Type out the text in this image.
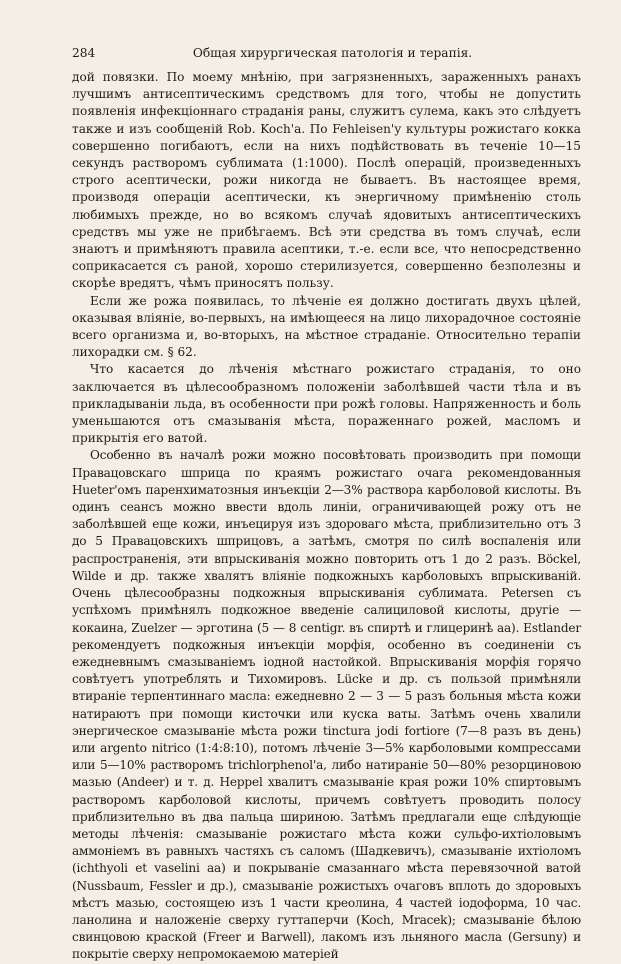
284	Общая хирургическая патологія и терапія.

дой повязки. По моему мнѣнію, при загрязненныхъ, зараженныхъ ранахъ лучшимъ антисептическимъ средствомъ для того, чтобы не допустить появленія инфекціоннаго страданія раны, служитъ сулема, какъ это слѣдуетъ также и изъ сообщеній Rob. Koch'а. По Fehleisen'у культуры рожистаго кокка совершенно погибаютъ, если на нихъ подѣйствовать въ теченіе 10—15 секундъ растворомъ сублимата (1:1000). Послѣ операцій, произведенныхъ строго асептически, рожи никогда не бываетъ. Въ настоящее время, производя операціи асептически, къ энергичному примѣненію столь любимыхъ прежде, но во всякомъ случаѣ ядовитыхъ антисептическихъ средствъ мы уже не прибѣгаемъ. Всѣ эти средства въ томъ случаѣ, если знаютъ и примѣняютъ правила асептики, т.-е. если все, что непосредственно соприкасается съ раной, хорошо стерилизуется, совершенно безполезны и скорѣе вредятъ, чѣмъ приносятъ пользу.

Если же рожа появилась, то лѣченіе ея должно достигать двухъ цѣлей, оказывая вліяніе, во-первыхъ, на имѣющееся на лицо лихорадочное состояніе всего организма и, во-вторыхъ, на мѣстное страданіе. Относительно терапіи лихорадки см. § 62.

Что касается до лѣченія мѣстнаго рожистаго страданія, то оно заключается въ цѣлесообразномъ положеніи заболѣвшей части тѣла и въ прикладываніи льда, въ особенности при рожѣ головы. Напряженность и боль уменьшаются отъ смазыванія мѣста, пораженнаго рожей, масломъ и прикрытія его ватой.

Особенно въ началѣ рожи можно посовѣтовать производить при помощи Правацовскаго шприца по краямъ рожистаго очага рекомендованныя Hueter'омъ паренхиматозныя инъекціи 2—3% раствора карболовой кислоты. Въ одинъ сеансъ можно ввести вдоль линіи, ограничивающей рожу отъ не заболѣвшей еще кожи, инъецируя изъ здороваго мѣста, приблизительно отъ 3 до 5 Правацовскихъ шприцовъ, а затѣмъ, смотря по силѣ воспаленія или распространенія, эти впрыскиванія можно повторить отъ 1 до 2 разъ. Böckel, Wilde и др. также хвалятъ вліяніе подкожныхъ карболовыхъ впрыскиваній. Очень цѣлесообразны подкожныя впрыскиванія сублимата. Petersen съ успѣхомъ примѣнялъ подкожное введеніе салициловой кислоты, другіе — кокаина, Zuelzer — эрготина (5 — 8 centigr. въ спиртѣ и глицеринѣ аа). Estlander рекомендуетъ подкожныя инъекціи морфія, особенно въ соединеніи съ ежедневнымъ смазываніемъ іодной настойкой. Впрыскиванія морфія горячо совѣтуетъ употреблять и Тихомировъ. Lücke и др. съ пользой примѣняли втираніе терпентиннаго масла: ежедневно 2 — 3 — 5 разъ больныя мѣста кожи натираютъ при помощи кисточки или куска ваты. Затѣмъ очень хвалили энергическое смазываніе мѣста рожи tinctura jodi fortiore (7—8 разъ въ день) или argento nitrico (1:4:8:10), потомъ лѣченіе 3—5% карболовыми компрессами или 5—10% растворомъ trichlorphenol'а, либо натираніе 50—80% резорциновою мазью (Andeer) и т. д. Heppel хвалитъ смазываніе края рожи 10% спиртовымъ растворомъ карболовой кислоты, причемъ совѣтуетъ проводить полосу приблизительно въ два пальца шириною. Затѣмъ предлагали еще слѣдующіе методы лѣченія: смазываніе рожистаго мѣста кожи сульфо-ихтіоловымъ аммоніемъ въ равныхъ частяхъ съ саломъ (Шадкевичъ), смазываніе ихтіоломъ (ichthyoli et vaselini аа) и покрываніе смазаннаго мѣста перевязочной ватой (Nussbaum, Fessler и др.), смазываніе рожистыхъ очаговъ вплоть до здоровыхъ мѣстъ мазью, состоящею изъ 1 части креолина, 4 частей іодоформа, 10 час. ланолина и наложеніе сверху гуттаперчи (Koch, Mracek); смазываніе бѣлою свинцовою краской (Freer и Barwell), лакомъ изъ льняного масла (Gersuny) и покрытіе сверху непромокаемою матеріей
